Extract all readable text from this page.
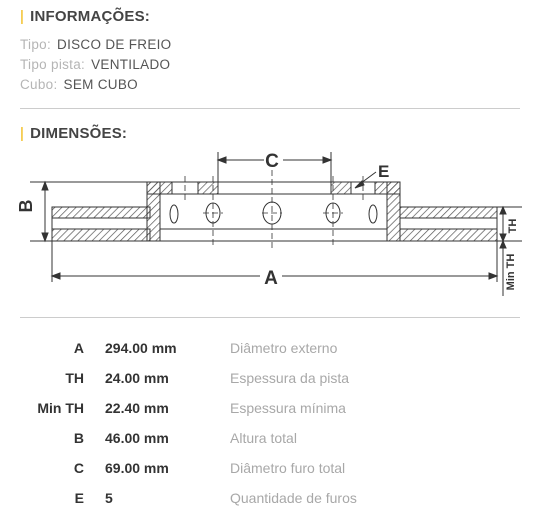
| INFORMAÇÕES:
Tipo: DISCO DE FREIO
Tipo pista: VENTILADO
Cubo: SEM CUBO
| DIMENSÕES:
C	E
B
A
TH
Min TH
A 294.00 mm	Diâmetro externo
TH 24.00 mm	Espessura da pista
Min TH 22.40 mm	Espessura mínima
B 46.00 mm	Altura total
C 69.00 mm	Diâmetro furo total
E 5	Quantidade de furos
